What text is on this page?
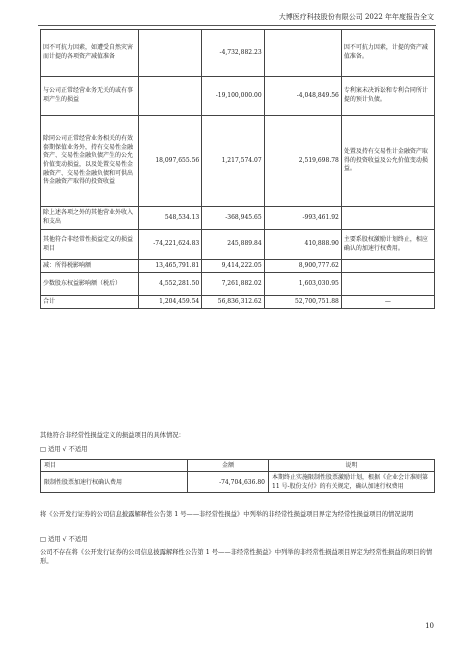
大博医疗科技股份有限公司 2022 年年度报告全文
因不可抗力因素，如遭受自然灾害而计提的各项资产减值准备		-4,732,882.23		因不可抗力因素，计提的资产减值准备。
与公司正常经营业务无关的或有事项产生的损益		-19,100,000.00	-4,048,849.56	专利案未决诉讼和专利合同所计提的预计负债。
除同公司正常经营业务相关的有效套期保值业务外，持有交易性金融资产、交易性金融负债产生的公允价值变动损益，以及处置交易性金融资产、交易性金融负债和可供出售金融资产取得的投资收益	18,097,655.56	1,217,574.07	2,519,698.78	处置及持有交易性计金融资产取得的投资收益及公允价值变动损益。
除上述各项之外的其他营业外收入和支出	548,534.13	-368,945.65	-993,461.92	
其他符合非经常性损益定义的损益项目	-74,221,624.83	245,889.84	410,888.90	主要系股权激励计划终止，相应确认的加速行权费用。
减：所得税影响额	13,465,791.81	9,414,222.05	8,900,777.62	
少数股东权益影响额（税后）	4,552,281.50	7,261,882.02	1,603,030.95	
合计	1,204,459.54	56,836,312.62	52,700,751.88	—
其他符合非经常性损益定义的损益项目的具体情况：
□ 适用 √ 不适用
项目	金额	说明
限制性股票加速行权确认费用	-74,704,636.80	本期终止实施限制性股票激励计划，根据《企业会计准则第 11 号-股份支付》的有关规定，确认加速行权费用
将《公开发行证券的公司信息披露解释性公告第 1 号——非经常性损益》中列举的非经常性损益项目界定为经常性损益项目的情况说明
□ 适用 √ 不适用
公司不存在将《公开发行证券的公司信息披露解释性公告第 1 号——非经常性损益》中列举的非经常性损益项目界定为经常性损益的项目的情形。
10
